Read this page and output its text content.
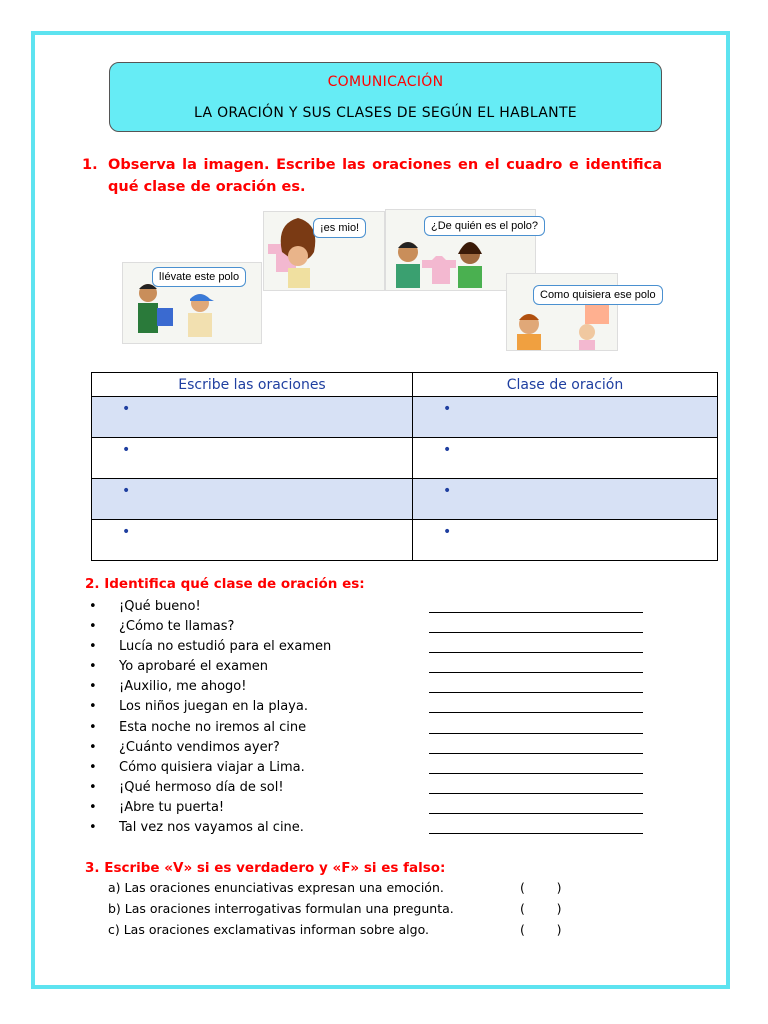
COMUNICACIÓN
LA ORACIÓN Y SUS CLASES DE SEGÚN EL HABLANTE
1. Observa la imagen. Escribe las oraciones en el cuadro e identifica qué clase de oración es.
lIévate este polo
¡es mio!	¿De quién es el polo?
Como quisiera ese polo
Escribe las oraciones	Clase de oración
•	•
•	•
•	•
•	•
2. Identifica qué clase de oración es:
• ¡Qué bueno!
• ¿Cómo te llamas?
• Lucía no estudió para el examen
• Yo aprobaré el examen
• ¡Auxilio, me ahogo!
• Los niños juegan en la playa.
• Esta noche no iremos al cine
• ¿Cuánto vendimos ayer?
• Cómo quisiera viajar a Lima.
• ¡Qué hermoso día de sol!
• ¡Abre tu puerta!
• Tal vez nos vayamos al cine.
3. Escribe «V» si es verdadero y «F» si es falso:
a) Las oraciones enunciativas expresan una emoción.	(        )
b) Las oraciones interrogativas formulan una pregunta.	(        )
c) Las oraciones exclamativas informan sobre algo.	(        )
